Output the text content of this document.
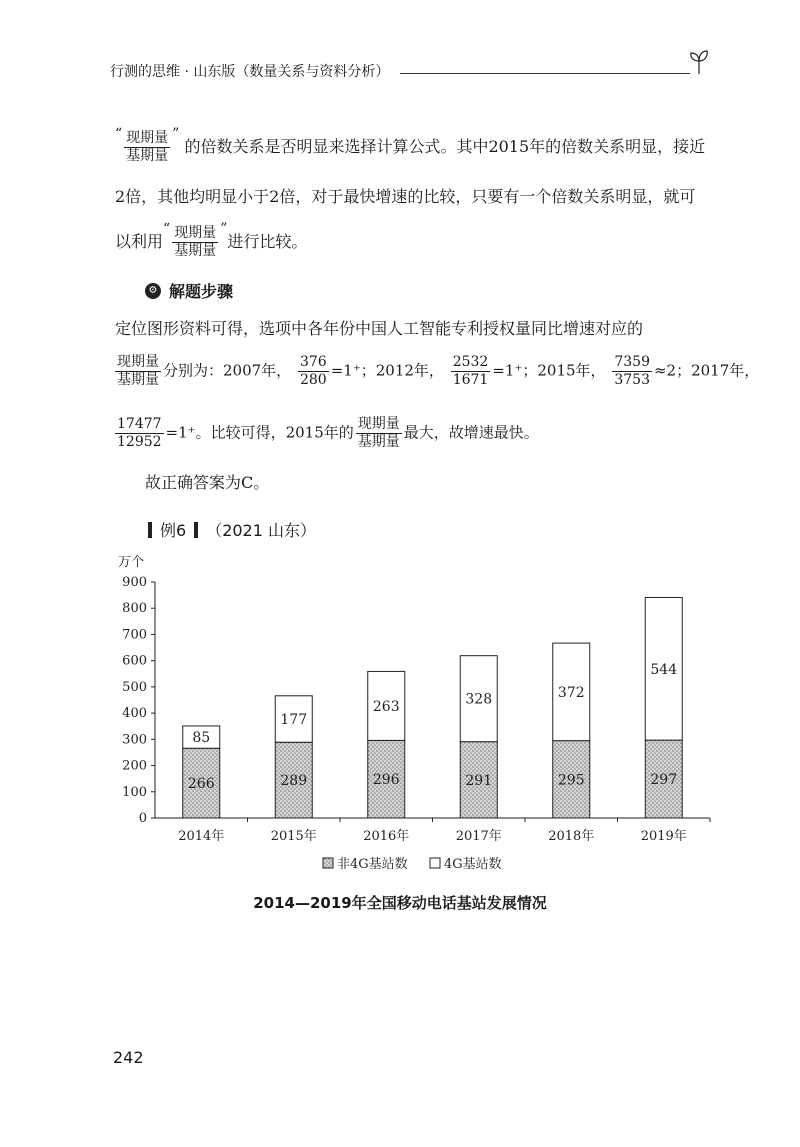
行测的思维 · 山东版（数量关系与资料分析）
“ $\frac{\text{现期量}}{\text{基期量}}$ ” 的倍数关系是否明显来选择计算公式。其中2015年的倍数关系明显，接近
2倍，其他均明显小于2倍，对于最快增速的比较，只要有一个倍数关系明显，就可
以利用“ $\frac{\text{现期量}}{\text{基期量}}$ ”进行比较。
⚙ 解题步骤
定位图形资料可得，选项中各年份中国人工智能专利授权量同比增速对应的
$\frac{\text{现期量}}{\text{基期量}}$ 分别为：2007年， $\frac{376}{280} =1^+$；2012年， $\frac{2532}{1671} =1^+$；2015年， $\frac{7359}{3753} \approx 2$；2017年，
$\frac{17477}{12952} =1^+$。比较可得，2015年的 $\frac{\text{现期量}}{\text{基期量}}$ 最大，故增速最快。
故正确答案为C。
例6 （2021 山东）
万个
0
100
200
300
400
500
600
700
800
900
266
85
2014年
289
177
2015年
296
263
2016年
291
328
2017年
295
372
2018年
297
544
2019年
非4G基站数	4G基站数
2014—2019年全国移动电话基站发展情况
242
